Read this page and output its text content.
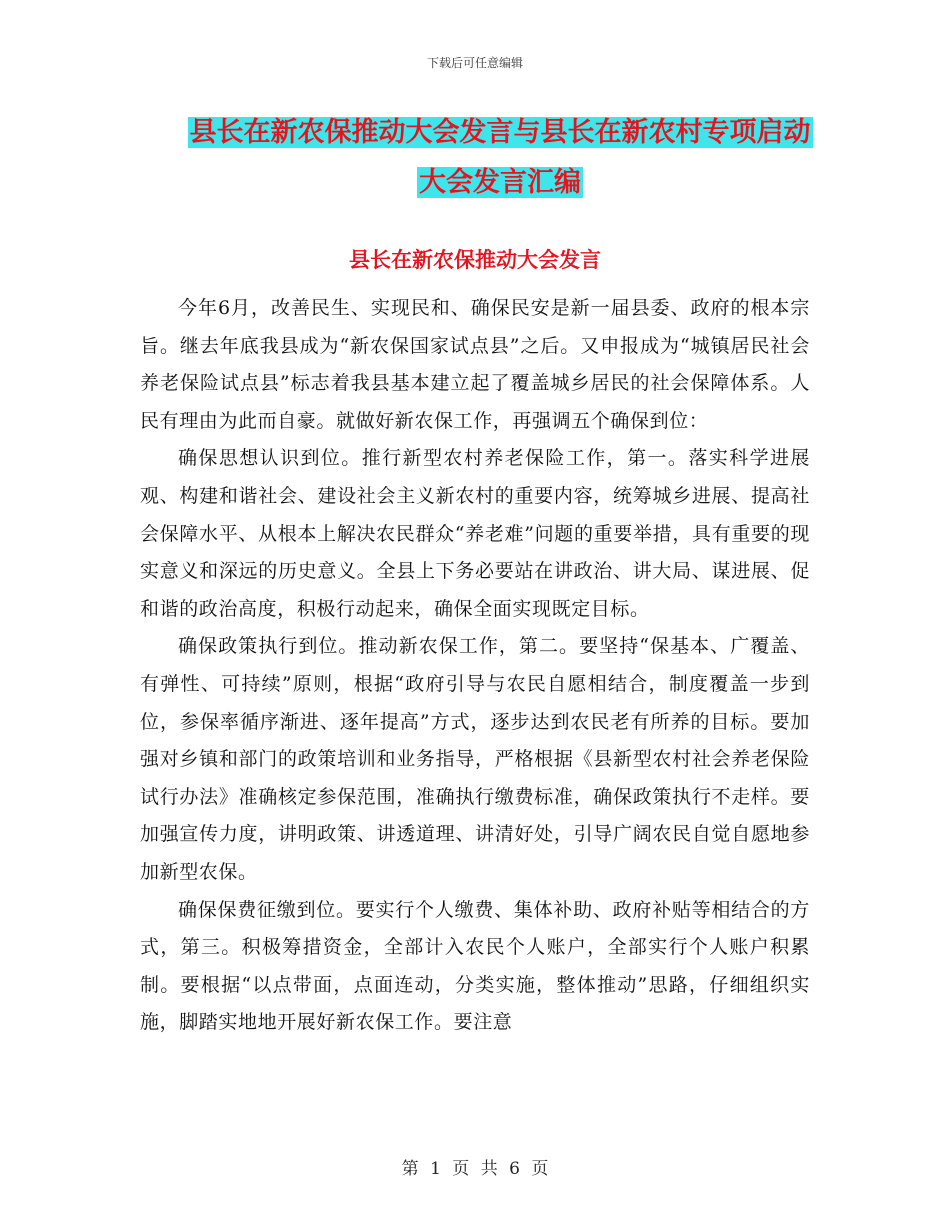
下载后可任意编辑
县长在新农保推动大会发言与县长在新农村专项启动
大会发言汇编
县长在新农保推动大会发言

今年6月，改善民生、实现民和、确保民安是新一届县委、政府的根本宗旨。继去年底我县成为“新农保国家试点县”之后。又申报成为“城镇居民社会养老保险试点县”标志着我县基本建立起了覆盖城乡居民的社会保障体系。人民有理由为此而自豪。就做好新农保工作，再强调五个确保到位：

确保思想认识到位。推行新型农村养老保险工作，第一。落实科学进展观、构建和谐社会、建设社会主义新农村的重要内容，统筹城乡进展、提高社会保障水平、从根本上解决农民群众“养老难”问题的重要举措，具有重要的现实意义和深远的历史意义。全县上下务必要站在讲政治、讲大局、谋进展、促和谐的政治高度，积极行动起来，确保全面实现既定目标。

确保政策执行到位。推动新农保工作，第二。要坚持“保基本、广覆盖、有弹性、可持续”原则，根据“政府引导与农民自愿相结合，制度覆盖一步到位，参保率循序渐进、逐年提高”方式，逐步达到农民老有所养的目标。要加强对乡镇和部门的政策培训和业务指导，严格根据《县新型农村社会养老保险试行办法》准确核定参保范围，准确执行缴费标准，确保政策执行不走样。要加强宣传力度，讲明政策、讲透道理、讲清好处，引导广阔农民自觉自愿地参加新型农保。

确保保费征缴到位。要实行个人缴费、集体补助、政府补贴等相结合的方式，第三。积极筹措资金，全部计入农民个人账户，全部实行个人账户积累制。要根据“以点带面，点面连动，分类实施，整体推动”思路，仔细组织实施，脚踏实地地开展好新农保工作。要注意

第 1 页 共 6 页
